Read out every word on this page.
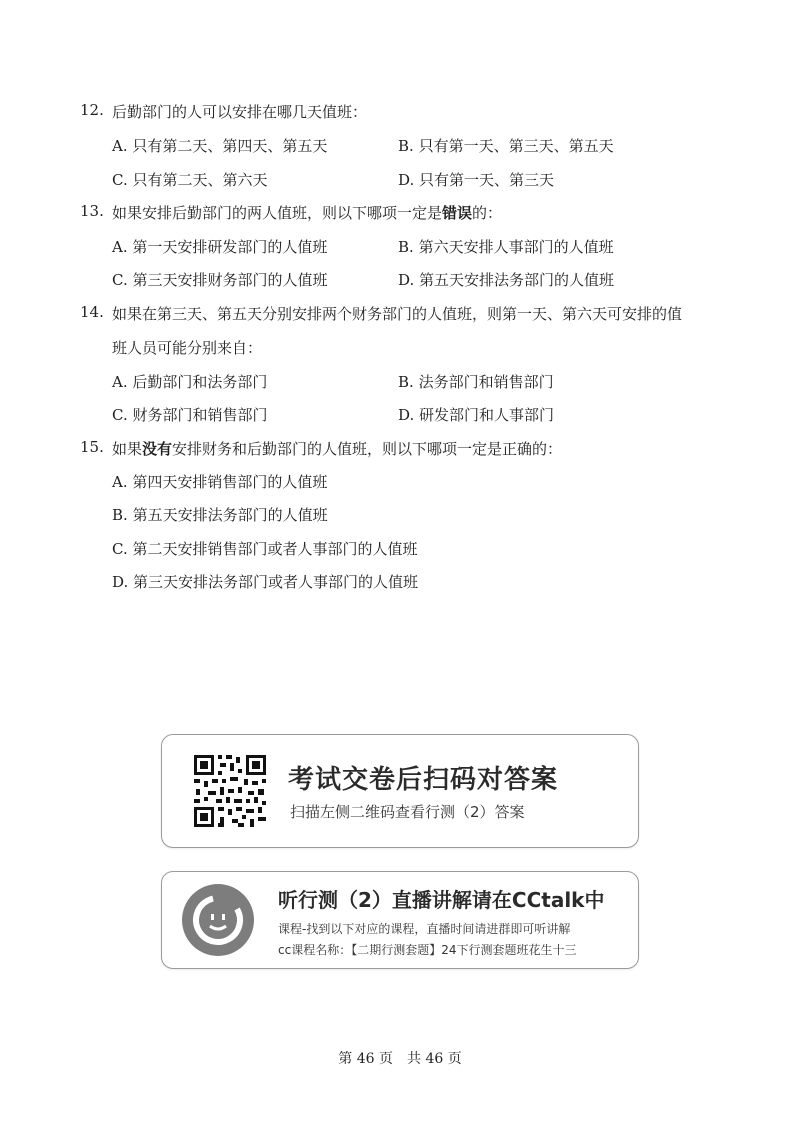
12. 后勤部门的人可以安排在哪几天值班：
A. 只有第二天、第四天、第五天	B. 只有第一天、第三天、第五天
C. 只有第二天、第六天	D. 只有第一天、第三天
13. 如果安排后勤部门的两人值班，则以下哪项一定是错误的：
A. 第一天安排研发部门的人值班	B. 第六天安排人事部门的人值班
C. 第三天安排财务部门的人值班	D. 第五天安排法务部门的人值班
14. 如果在第三天、第五天分别安排两个财务部门的人值班，则第一天、第六天可安排的值
班人员可能分别来自：
A. 后勤部门和法务部门	B. 法务部门和销售部门
C. 财务部门和销售部门	D. 研发部门和人事部门
15. 如果没有安排财务和后勤部门的人值班，则以下哪项一定是正确的：
A. 第四天安排销售部门的人值班
B. 第五天安排法务部门的人值班
C. 第二天安排销售部门或者人事部门的人值班
D. 第三天安排法务部门或者人事部门的人值班
考试交卷后扫码对答案
扫描左侧二维码查看行测（2）答案
听行测（2）直播讲解请在CCtalk中
课程-找到以下对应的课程，直播时间请进群即可听讲解
cc课程名称：【二期行测套题】24下行测套题班花生十三
第 46 页　共 46 页
